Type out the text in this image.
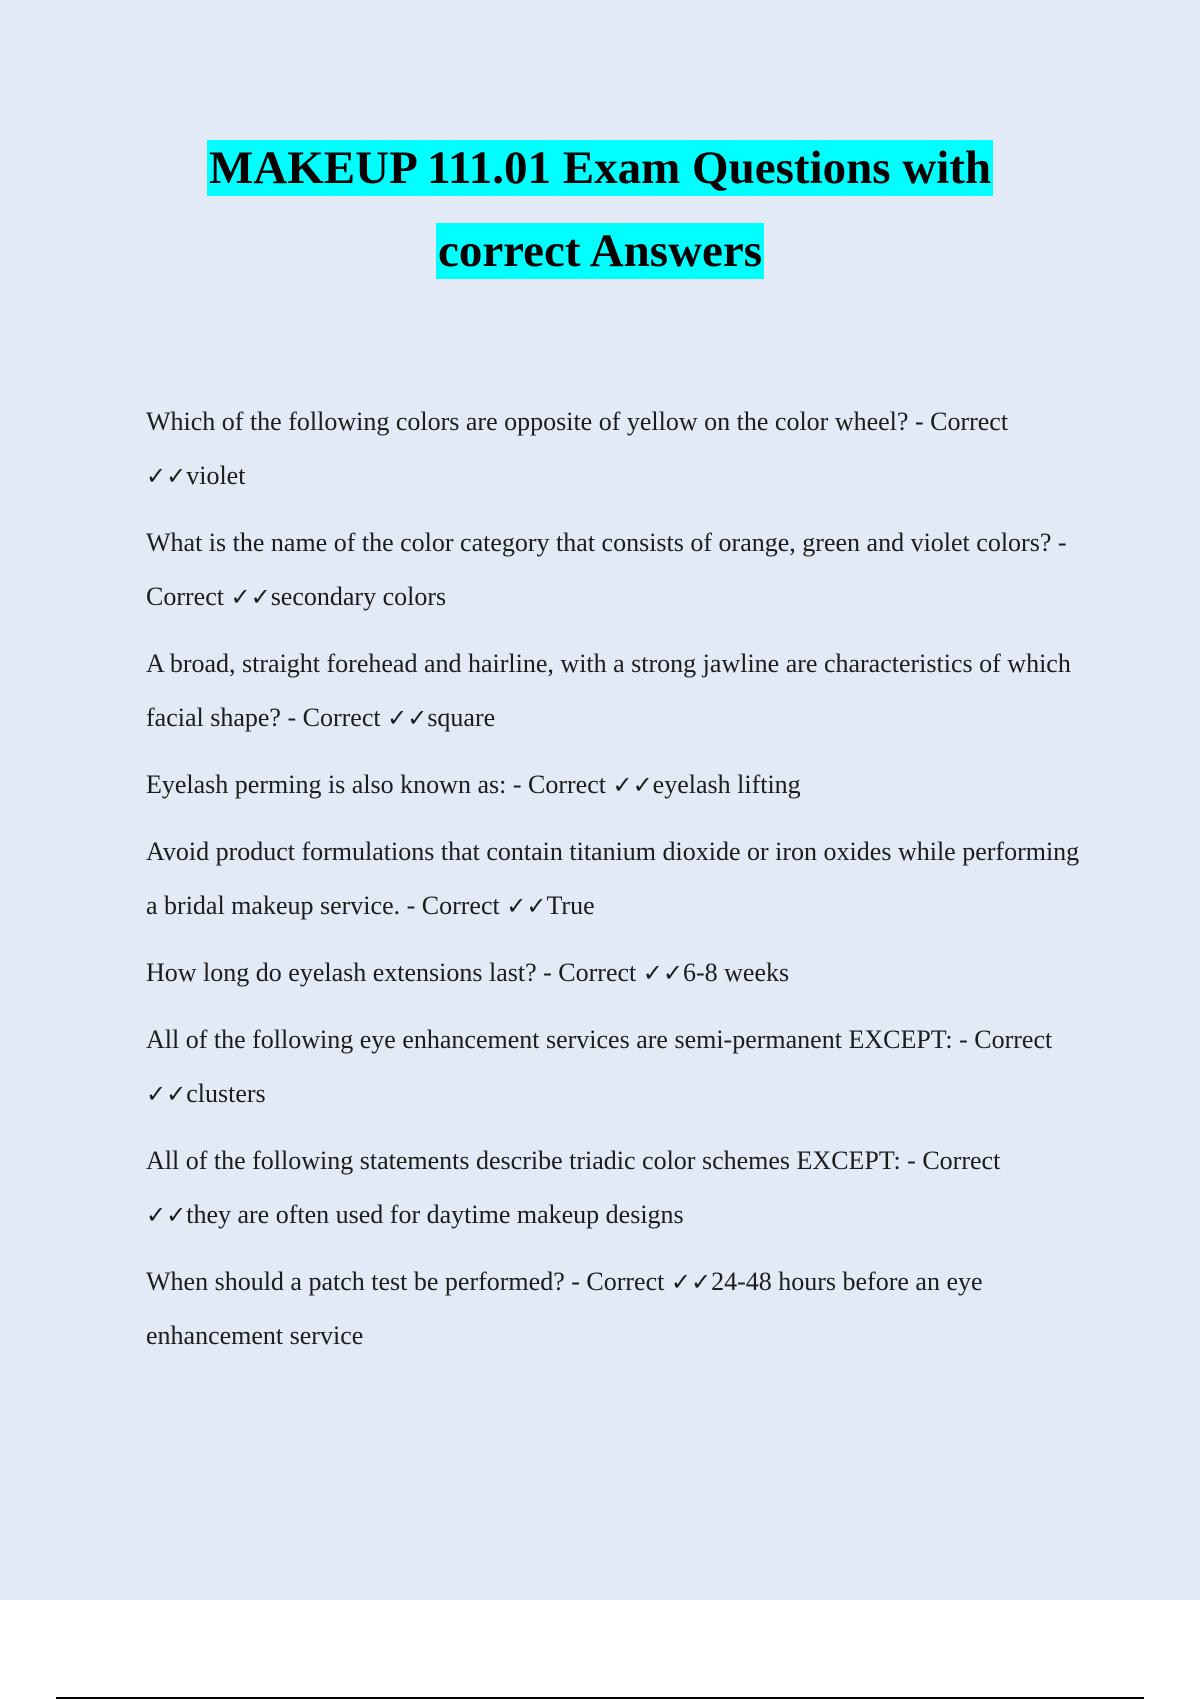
MAKEUP 111.01 Exam Questions with
correct Answers

Which of the following colors are opposite of yellow on the color wheel? - Correct ✓✓violet

What is the name of the color category that consists of orange, green and violet colors? - Correct ✓✓secondary colors

A broad, straight forehead and hairline, with a strong jawline are characteristics of which facial shape? - Correct ✓✓square

Eyelash perming is also known as: - Correct ✓✓eyelash lifting

Avoid product formulations that contain titanium dioxide or iron oxides while performing a bridal makeup service. - Correct ✓✓True

How long do eyelash extensions last? - Correct ✓✓6-8 weeks

All of the following eye enhancement services are semi-permanent EXCEPT: - Correct ✓✓clusters

All of the following statements describe triadic color schemes EXCEPT: - Correct ✓✓they are often used for daytime makeup designs

When should a patch test be performed? - Correct ✓✓24-48 hours before an eye enhancement service
